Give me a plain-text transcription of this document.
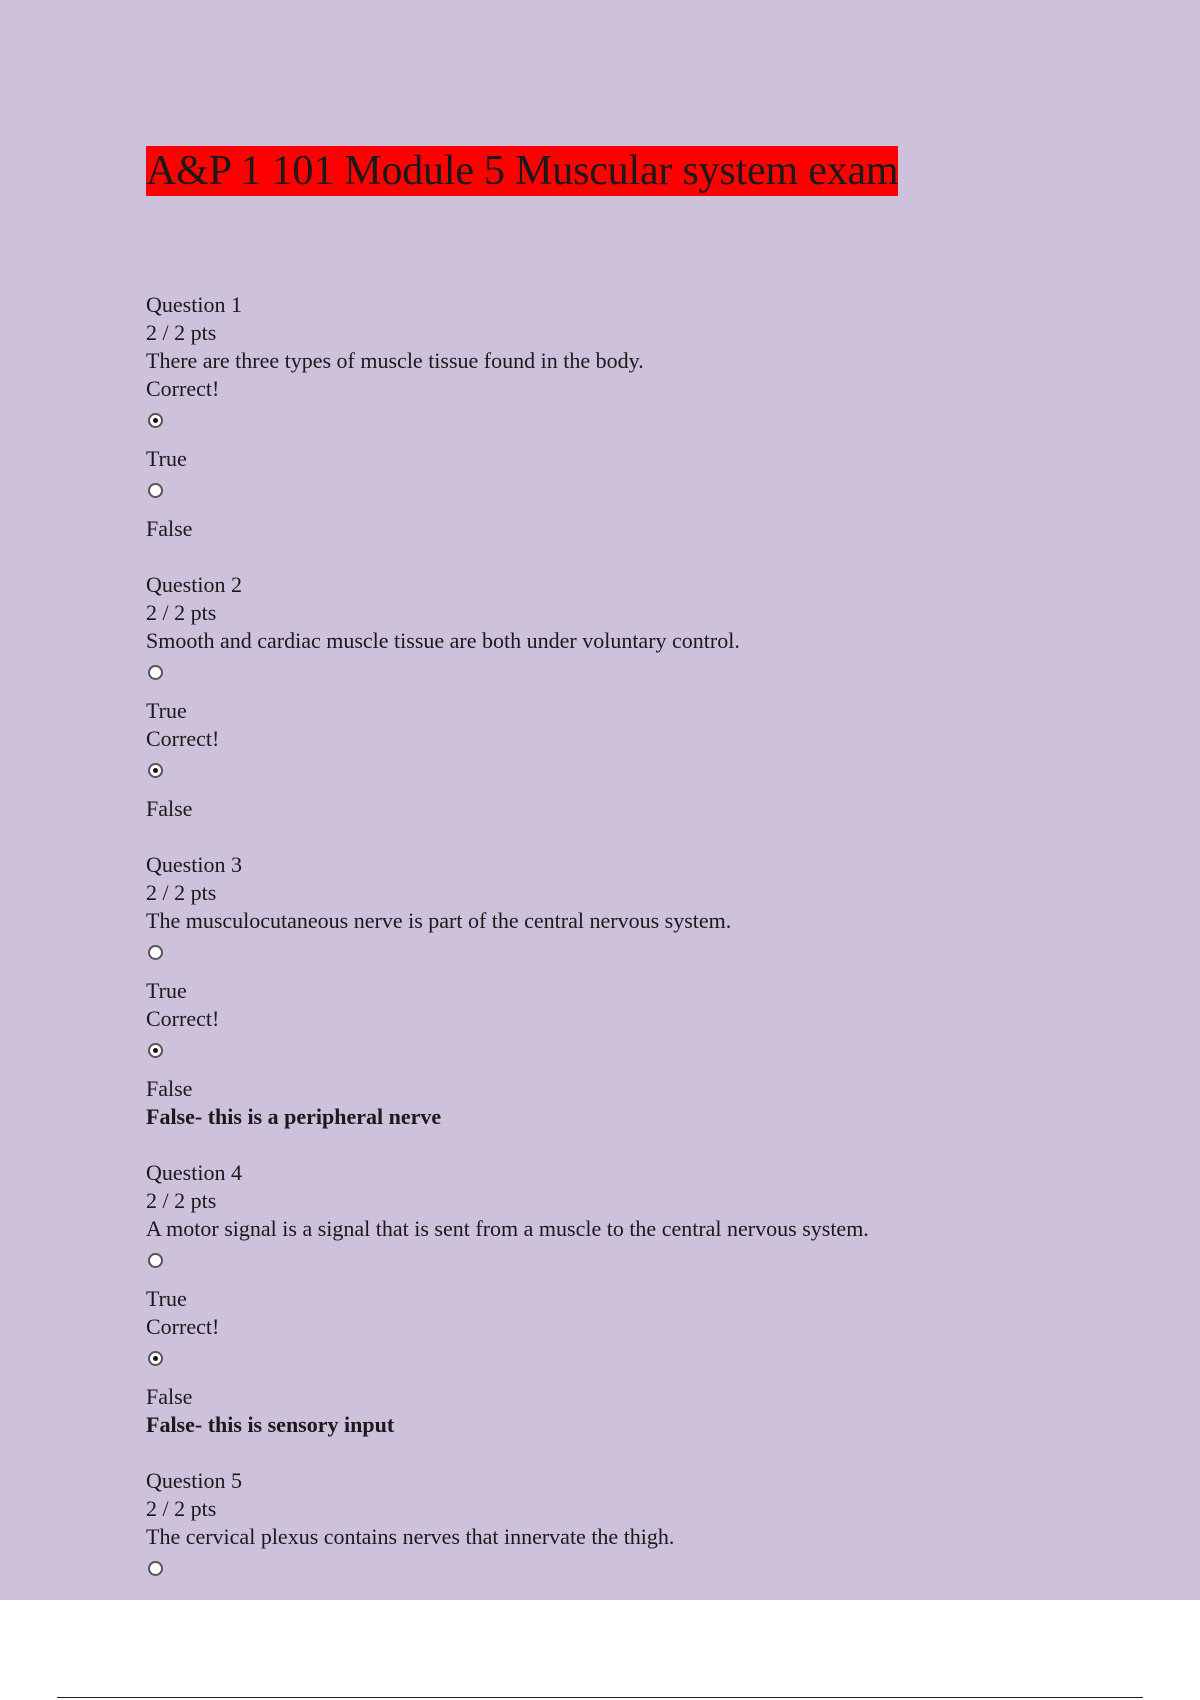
A&P 1 101 Module 5 Muscular system exam
Question 1
2 / 2 pts
There are three types of muscle tissue found in the body. Correct!
True
False
Question 2
2 / 2 pts
Smooth and cardiac muscle tissue are both under voluntary control.
True
Correct!
False
Question 3
2 / 2 pts
The musculocutaneous nerve is part of the central nervous system.
True
Correct!
False
False- this is a peripheral nerve
Question 4
2 / 2 pts
A motor signal is a signal that is sent from a muscle to the central nervous system.
True
Correct!
False
False- this is sensory input
Question 5
2 / 2 pts
The cervical plexus contains nerves that innervate the thigh.
